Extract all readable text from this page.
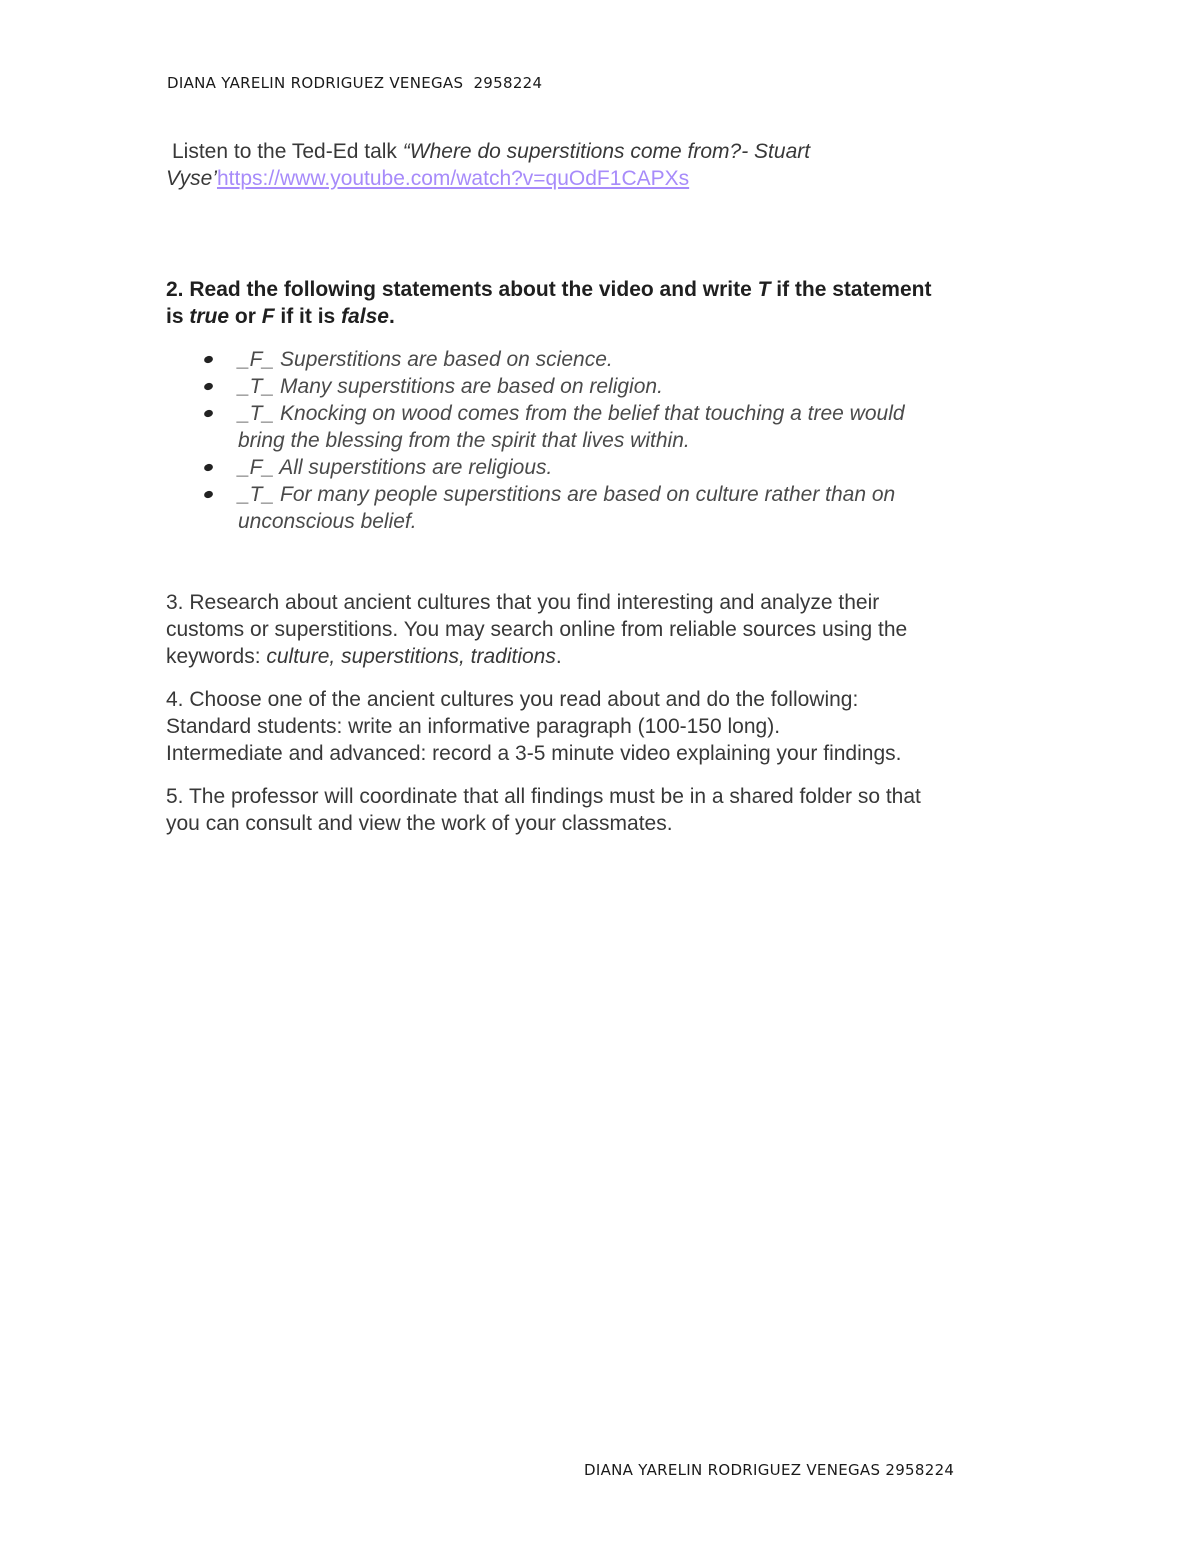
DIANA YARELIN RODRIGUEZ VENEGAS  2958224

Listen to the Ted-Ed talk “Where do superstitions come from?- Stuart

Vyse’https://www.youtube.com/watch?v=quOdF1CAPXs

2. Read the following statements about the video and write T if the statement
is true or F if it is false.

_F_ Superstitions are based on science.
_T_ Many superstitions are based on religion.
_T_ Knocking on wood comes from the belief that touching a tree would
bring the blessing from the spirit that lives within.
_F_ All superstitions are religious.
_T_ For many people superstitions are based on culture rather than on
unconscious belief.

3. Research about ancient cultures that you find interesting and analyze their
customs or superstitions. You may search online from reliable sources using the
keywords: culture, superstitions, traditions.

4. Choose one of the ancient cultures you read about and do the following:
Standard students: write an informative paragraph (100-150 long).
Intermediate and advanced: record a 3-5 minute video explaining your findings.

5. The professor will coordinate that all findings must be in a shared folder so that
you can consult and view the work of your classmates.

DIANA YARELIN RODRIGUEZ VENEGAS 2958224
